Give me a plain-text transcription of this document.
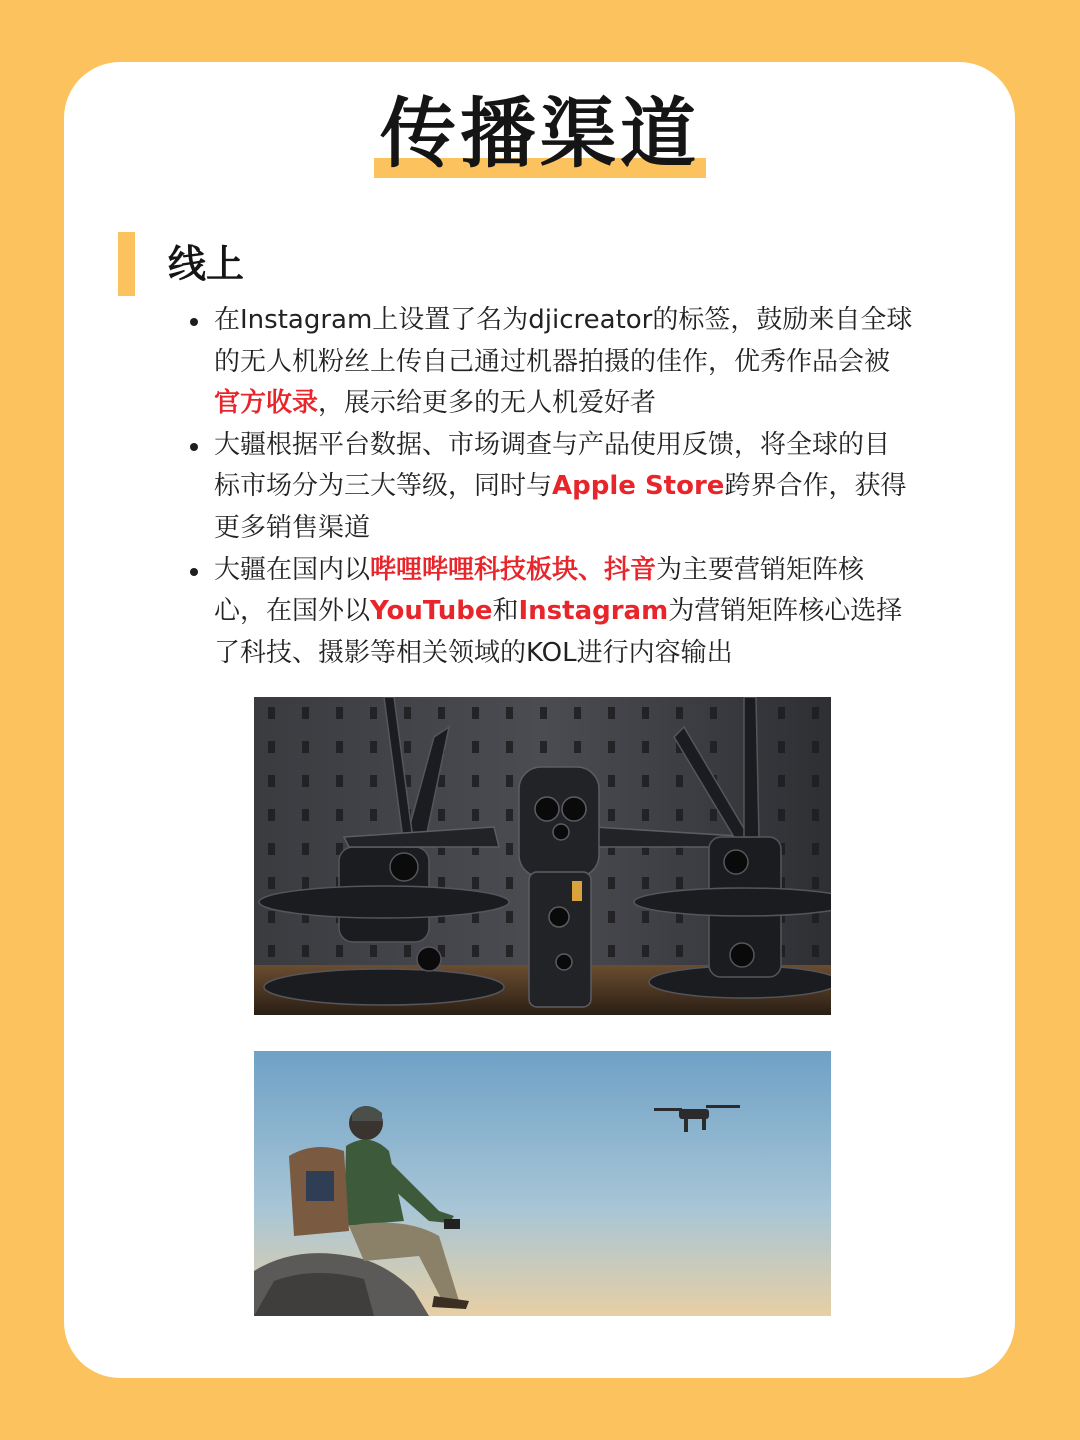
传播渠道
线上
在Instagram上设置了名为djicreator的标签，鼓励来自全球的无人机粉丝上传自己通过机器拍摄的佳作，优秀作品会被官方收录，展示给更多的无人机爱好者
大疆根据平台数据、市场调查与产品使用反馈，将全球的目标市场分为三大等级，同时与Apple Store跨界合作，获得更多销售渠道
大疆在国内以哔哩哔哩科技板块、抖音为主要营销矩阵核心，在国外以YouTube和Instagram为营销矩阵核心选择了科技、摄影等相关领域的KOL进行内容输出
